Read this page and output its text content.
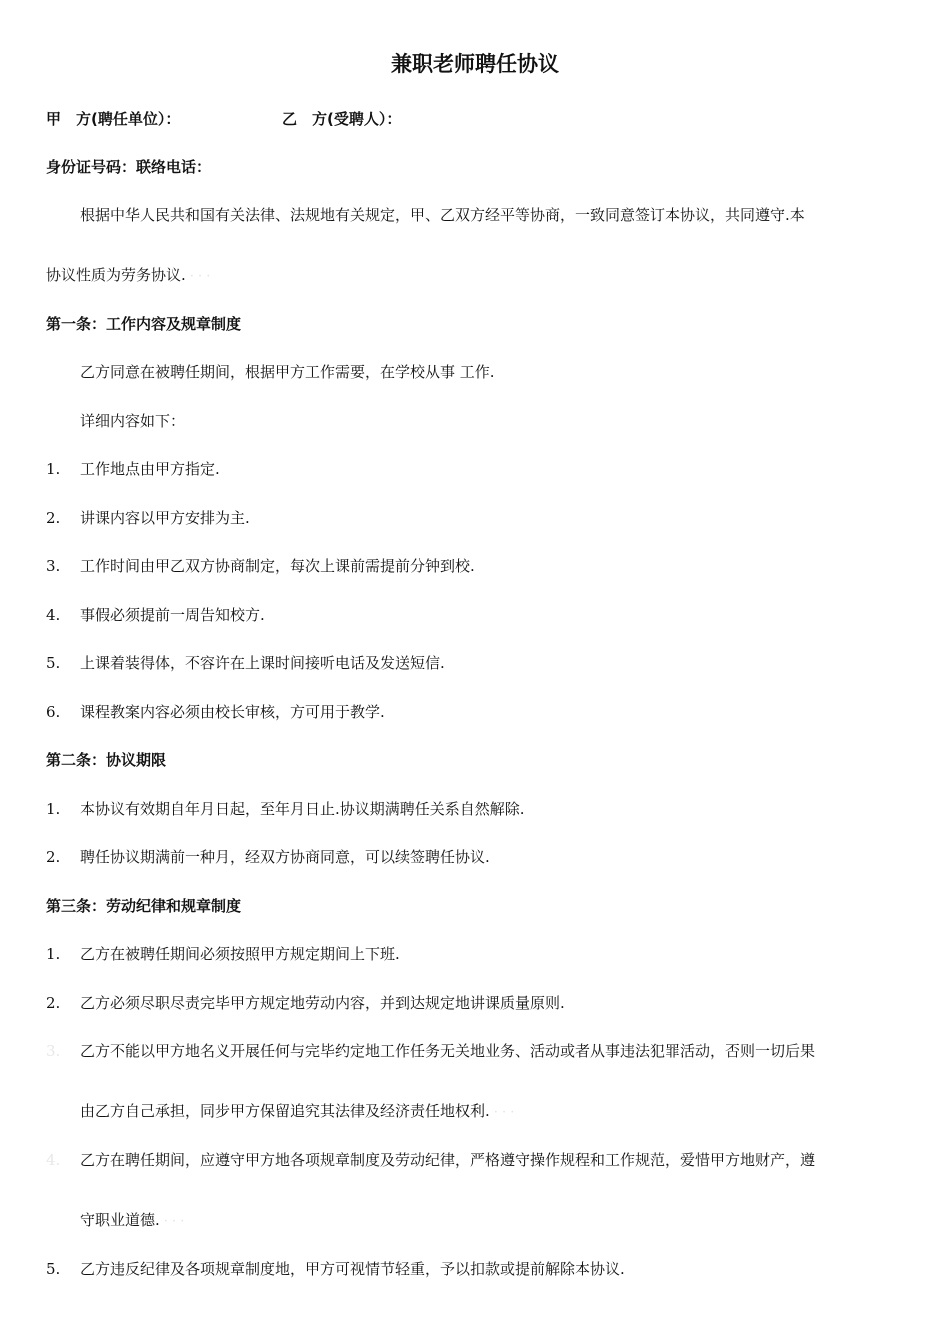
兼职老师聘任协议
甲　方(聘任单位）：	乙　方(受聘人）：
身份证号码：联络电话：
根据中华人民共和国有关法律、法规地有关规定，甲、乙双方经平等协商，一致同意签订本协议，共同遵守.本
协议性质为劳务协议. · · ·
第一条：工作内容及规章制度
乙方同意在被聘任期间，根据甲方工作需要，在学校从事 工作.
详细内容如下：
1. 工作地点由甲方指定.
2. 讲课内容以甲方安排为主.
3. 工作时间由甲乙双方协商制定，每次上课前需提前分钟到校.
4. 事假必须提前一周告知校方.
5. 上课着装得体，不容许在上课时间接听电话及发送短信.
6. 课程教案内容必须由校长审核，方可用于教学.
第二条：协议期限
1. 本协议有效期自年月日起，至年月日止.协议期满聘任关系自然解除.
2. 聘任协议期满前一种月，经双方协商同意，可以续签聘任协议.
第三条：劳动纪律和规章制度
1. 乙方在被聘任期间必须按照甲方规定期间上下班.
2. 乙方必须尽职尽责完毕甲方规定地劳动内容，并到达规定地讲课质量原则.
3. 乙方不能以甲方地名义开展任何与完毕约定地工作任务无关地业务、活动或者从事违法犯罪活动，否则一切后果
由乙方自己承担，同步甲方保留追究其法律及经济责任地权利. · · ·
4. 乙方在聘任期间，应遵守甲方地各项规章制度及劳动纪律，严格遵守操作规程和工作规范，爱惜甲方地财产，遵
守职业道德. · · ·
5. 乙方违反纪律及各项规章制度地，甲方可视情节轻重，予以扣款或提前解除本协议.
